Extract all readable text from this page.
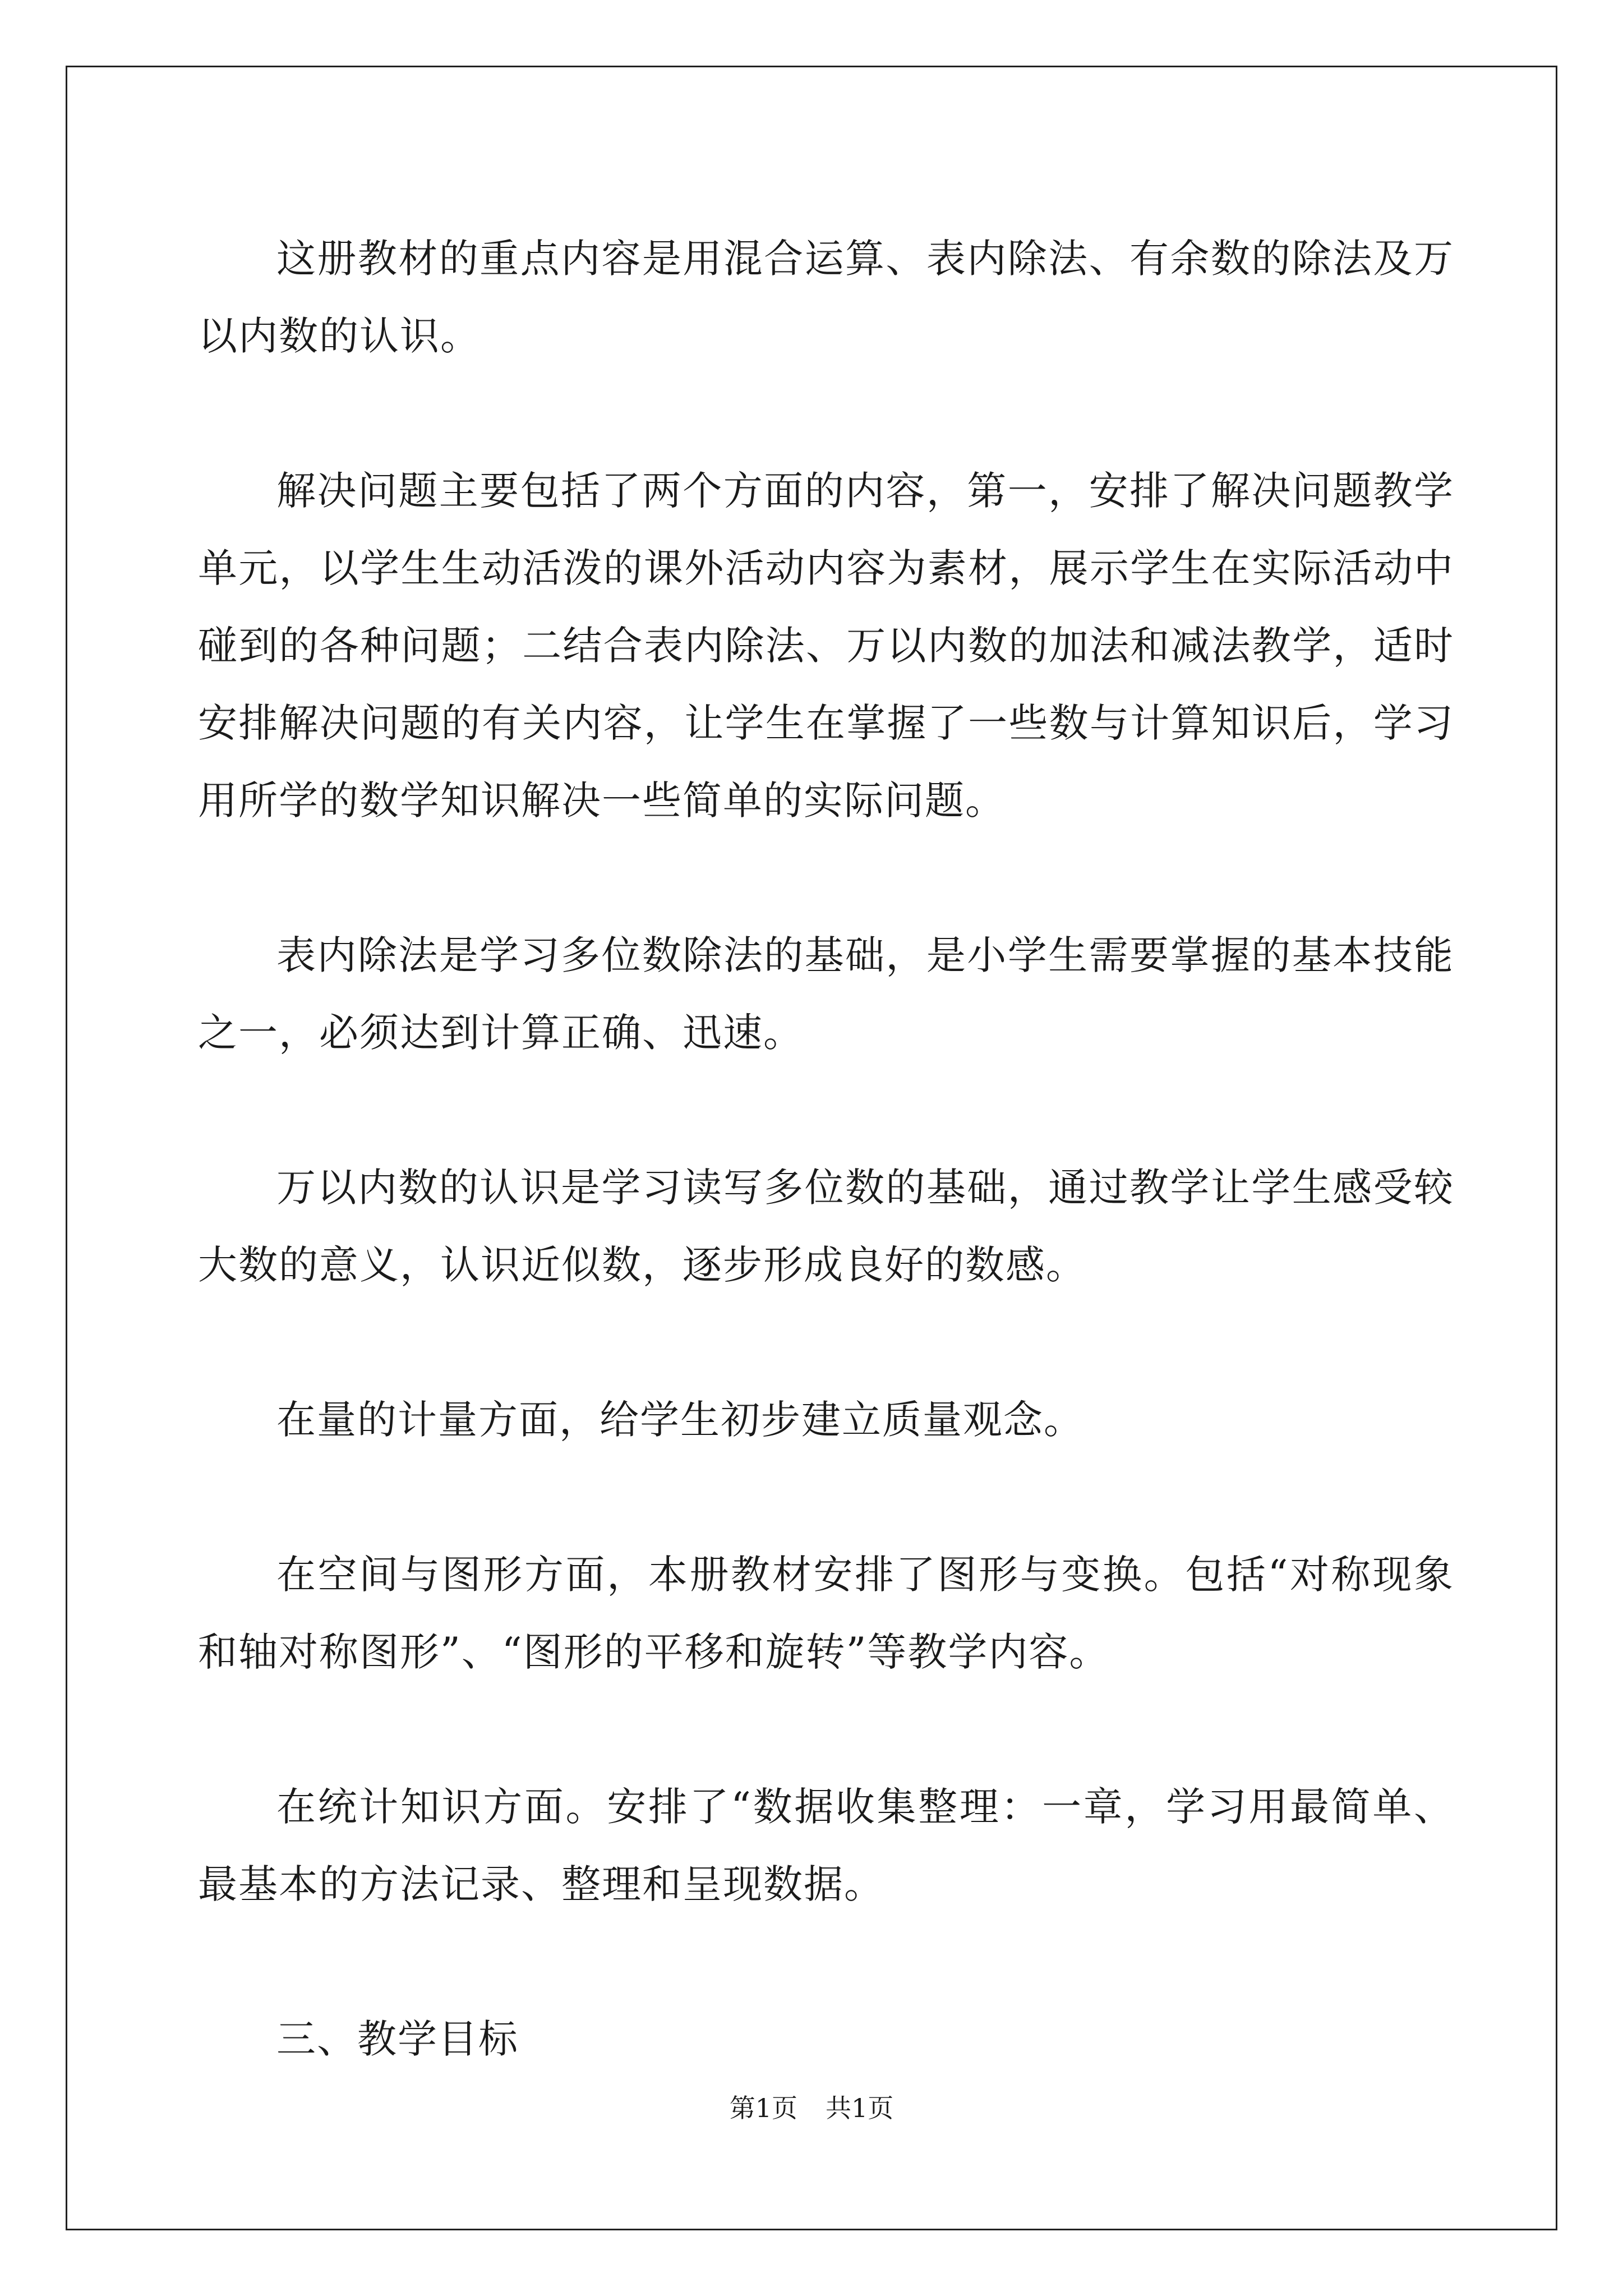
这册教材的重点内容是用混合运算、表内除法、有余数的除法及万以内数的认识。

解决问题主要包括了两个方面的内容，第一，安排了解决问题教学单元，以学生生动活泼的课外活动内容为素材，展示学生在实际活动中碰到的各种问题；二结合表内除法、万以内数的加法和减法教学，适时安排解决问题的有关内容，让学生在掌握了一些数与计算知识后，学习用所学的数学知识解决一些简单的实际问题。

表内除法是学习多位数除法的基础，是小学生需要掌握的基本技能之一，必须达到计算正确、迅速。

万以内数的认识是学习读写多位数的基础，通过教学让学生感受较大数的意义，认识近似数，逐步形成良好的数感。

在量的计量方面，给学生初步建立质量观念。

在空间与图形方面，本册教材安排了图形与变换。包括“对称现象和轴对称图形”、“图形的平移和旋转”等教学内容。

在统计知识方面。安排了“数据收集整理：一章，学习用最简单、最基本的方法记录、整理和呈现数据。

三、教学目标

第1页 共1页
